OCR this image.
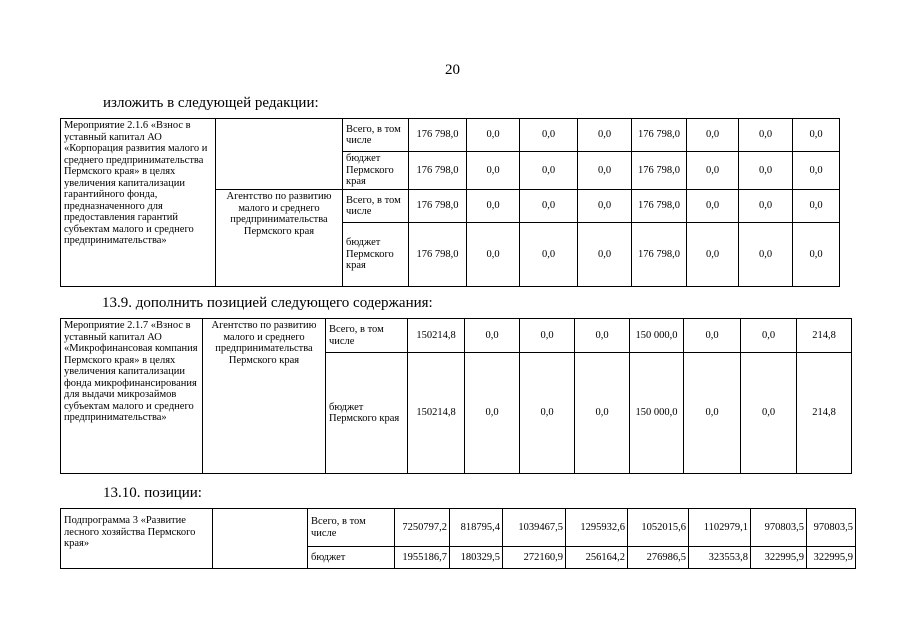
20
изложить в следующей редакции:
Мероприятие 2.1.6 «Взнос в уставный капитал АО «Корпорация развития малого и среднего предпринимательства Пермского края» в целях увеличения капитализации гарантийного фонда, предназначенного для предоставления гарантий субъектам малого и среднего предпринимательства»		Всего, в том числе	176 798,0	0,0	0,0	0,0	176 798,0	0,0	0,0	0,0
		бюджет Пермского края	176 798,0	0,0	0,0	0,0	176 798,0	0,0	0,0	0,0
	Агентство по развитию малого и среднего предпринимательства Пермского края	Всего, в том числе	176 798,0	0,0	0,0	0,0	176 798,0	0,0	0,0	0,0
		бюджет Пермского края	176 798,0	0,0	0,0	0,0	176 798,0	0,0	0,0	0,0
13.9. дополнить позицией следующего содержания:
Мероприятие 2.1.7 «Взнос в уставный капитал АО «Микрофинансовая компания Пермского края» в целях увеличения капитализации фонда микрофинансирования для выдачи микрозаймов субъектам малого и среднего предпринимательства»	Агентство по развитию малого и среднего предпринимательства Пермского края	Всего, в том числе	150214,8	0,0	0,0	0,0	150 000,0	0,0	0,0	214,8
		бюджет Пермского края	150214,8	0,0	0,0	0,0	150 000,0	0,0	0,0	214,8
13.10. позиции:
Подпрограмма 3 «Развитие лесного хозяйства Пермского края»		Всего, в том числе	7250797,2	818795,4	1039467,5	1295932,6	1052015,6	1102979,1	970803,5	970803,5
		бюджет	1955186,7	180329,5	272160,9	256164,2	276986,5	323553,8	322995,9	322995,9
